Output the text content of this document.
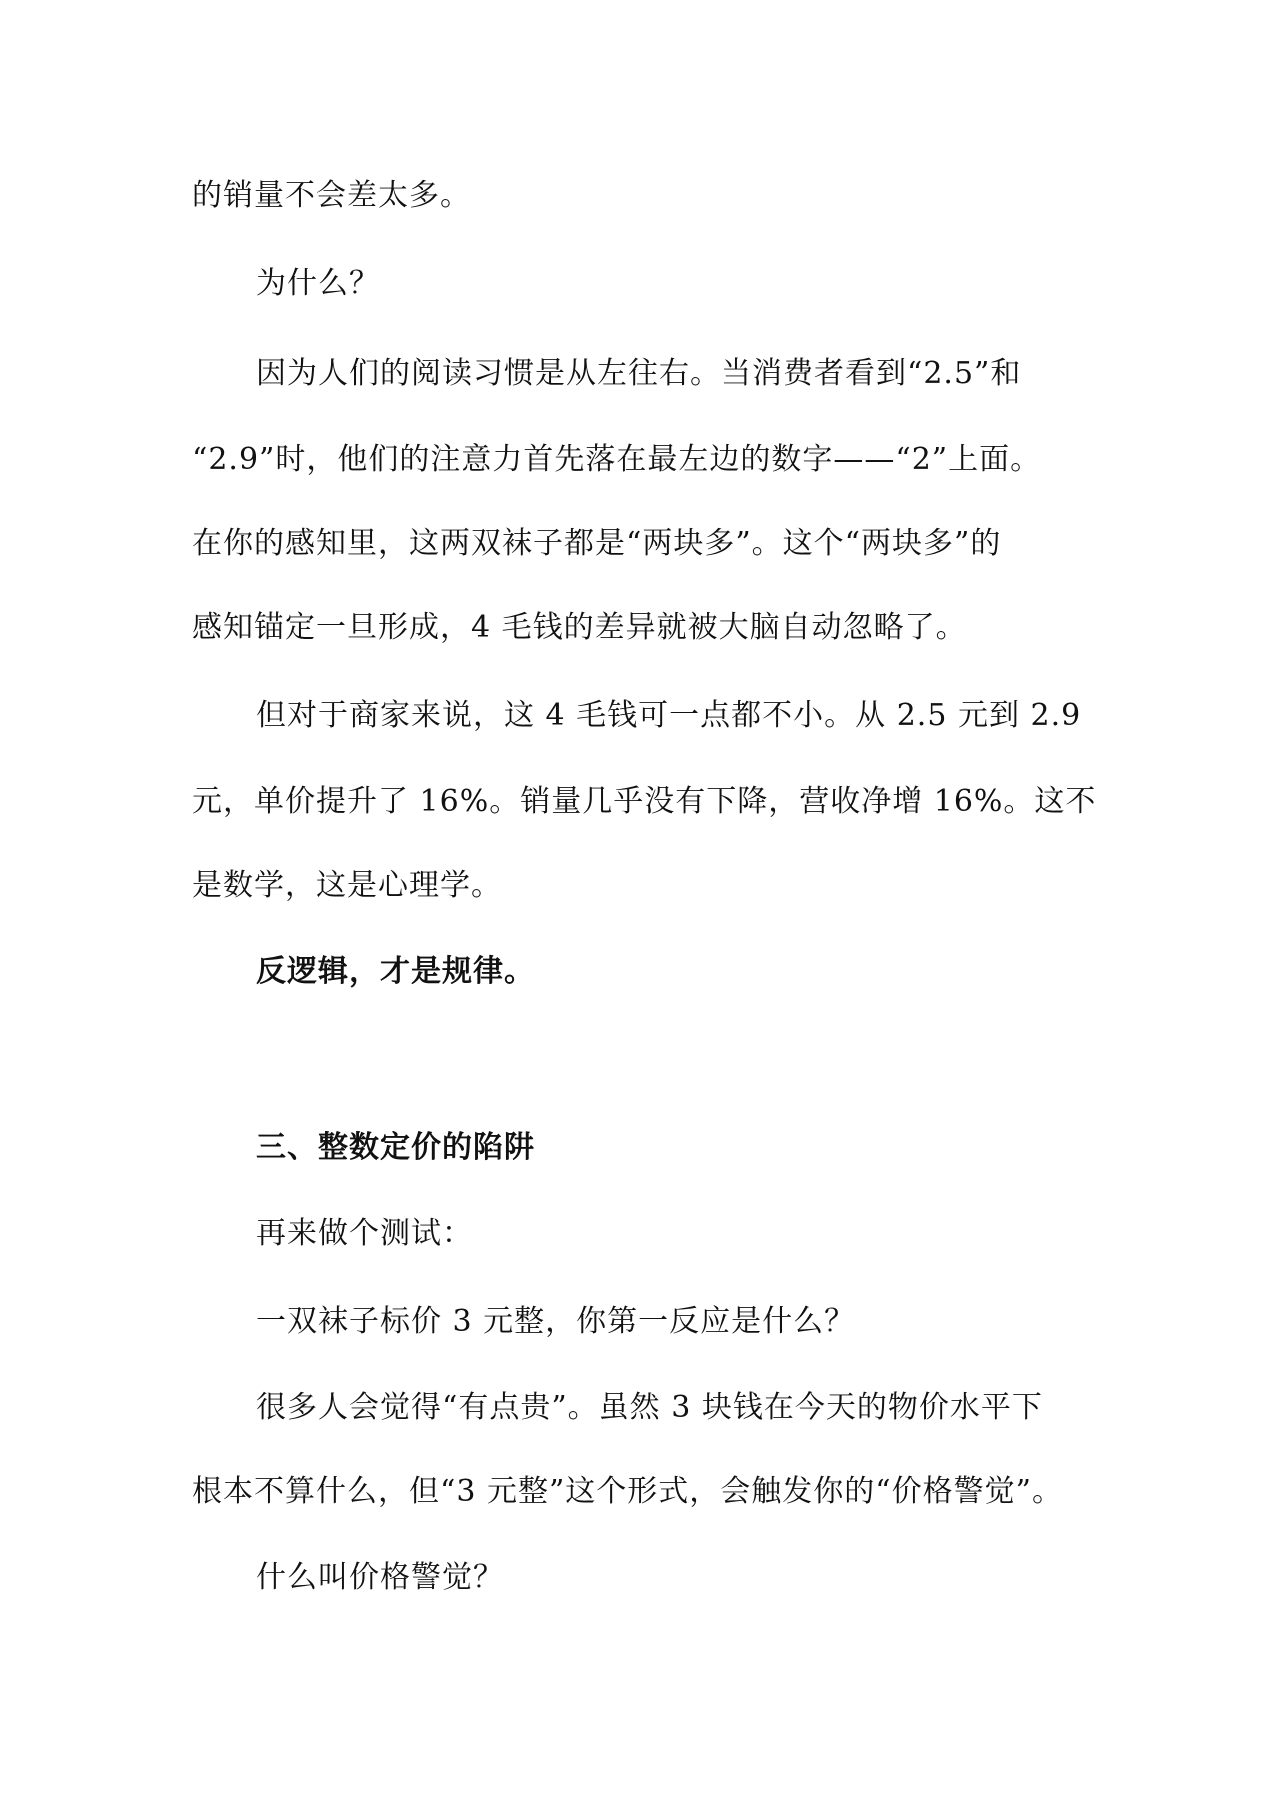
的销量不会差太多。
为什么？
因为人们的阅读习惯是从左往右。当消费者看到“2.5”和
“2.9”时，他们的注意力首先落在最左边的数字——“2”上面。
在你的感知里，这两双袜子都是“两块多”。这个“两块多”的
感知锚定一旦形成，4 毛钱的差异就被大脑自动忽略了。
但对于商家来说，这 4 毛钱可一点都不小。从 2.5 元到 2.9
元，单价提升了 16%。销量几乎没有下降，营收净增 16%。这不
是数学，这是心理学。
反逻辑，才是规律。
三、整数定价的陷阱
再来做个测试：
一双袜子标价 3 元整，你第一反应是什么？
很多人会觉得“有点贵”。虽然 3 块钱在今天的物价水平下
根本不算什么，但“3 元整”这个形式，会触发你的“价格警觉”。
什么叫价格警觉？
